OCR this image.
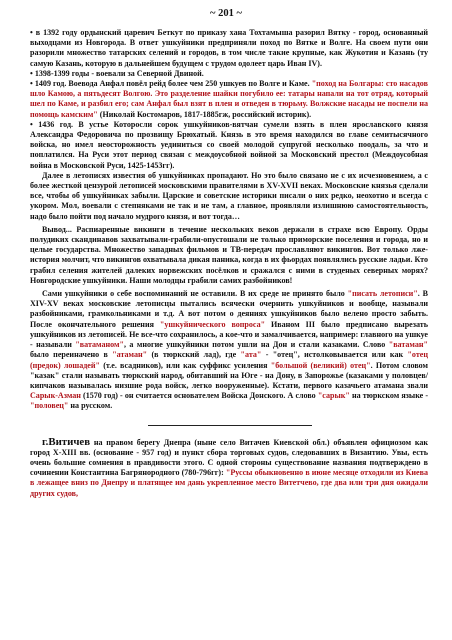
~ 201 ~

• в 1392 году ордынский царевич Беткут по приказу хана Тохтамыша разорил Вятку - город, основанный выходцами из Новгорода. В ответ ушкуйники предприняли поход по Вятке и Волге. На своем пути они разорили множество татарских селений и городов, в том числе такие крупные, как Жукотин и Казань (ту самую Казань, которую в дальнейшем будущем с трудом одолеет царь Иван IV).

• 1398-1399 годы - воевали за Северной Двиной.

• 1409 год. Воевода Анфал повёл рейд более чем 250 ушкуев по Волге и Каме. "поход на Болгары: сто насадов шло Камою, а пятьдесят Волгою. Это разделение шайки погубило ее: татары напали на тот отряд, который шел по Каме, и разбил его; сам Анфал был взят в плен и отведен в тюрьму. Волжские насады не поспели на помощь камским" (Николай Костомаров, 1817-1885гж, российский историк).

• 1436 год. В устье Которосли сорок ушкуйников-вятчан сумели взять в плен ярославского князя Александра Федоровича по прозвищу Брюхатый. Князь в это время находился во главе семитысячного войска, но имел неосторожность уединиться со своей молодой супругой несколько поодаль, за что и поплатился. На Руси этот период связан с междоусобной войной за Московский престол (Междоусобная война в Московской Руси, 1425-1453гг).

Далее в летописях известия об ушкуйниках пропадают. Но это было связано не с их исчезновением, а с более жесткой цензурой летописей московскими правителями в XV-XVII веках. Московские князья сделали все, чтобы об ушкуйниках забыли. Царские и советские историки писали о них редко, неохотно и всегда с укором. Мол, воевали с степняками не так и не там, а главное, проявляли излишнюю самостоятельность, надо было пойти под начало мудрого князя, и вот тогда…

Вывод... Распиаренные викинги в течение нескольких веков держали в страхе всю Европу. Орды полудиких скандинавов захватывали-грабили-опустошали не только приморские поселения и города, но и целые государства. Множество западных фильмов и ТВ-передач прославляют викингов. Вот только лже-история молчит, что викингов охватывала дикая паника, когда в их фьордах появлялись русские ладьи. Кто грабил селения жителей далеких норвежских посёлков и сражался с ними в студеных северных морях? Новгородские ушкуйники. Наши молодцы грабили самих разбойников!

Сами ушкуйники о себе воспоминаний не оставили. В их среде не принято было "писать летописи". В XIV-XV веках московские летописцы пытались всячески очернить ушкуйников и вообще, называли разбойниками, грамкольниками и т.д. А вот потом о деяниях ушкуйников было велено просто забыть. После окончательного решения "ушкуйнического вопроса" Иваном III было предписано вырезать ушкуйников из летописей. Не все-что сохранилось, а кое-что и замалчивается, например: главного на ушкуе - называли "ватаманом", а многие ушкуйники потом ушли на Дон и стали казаками. Слово "ватаман" было переиначено в "атаман" (в тюркский лад), где "ата" - "отец", истолковывается или как "отец (предок) лошадей" (т.е. всадников), или как суффикс усиления "большой (великий) отец". Потом словом "казак" стали называть тюркский народ, обитавший на Юге - на Дону, в Запорожье (казаками у половцев/кипчаков называлась низшие рода войск, легко вооруженные). Кстати, первого казачьего атамана звали Сарык-Азман (1570 год) - он считается основателем Войска Донского. А слово "сарык" на тюркском языке - "половец" на русском.

г.Витичев на правом берегу Днепра (ныне село Витачев Киевской обл.) объявлен официозом как город Х-XIII вв. (основание - 957 год) и пункт сбора торговых судов, следовавших в Византию. Увы, есть очень большие сомнения в правдивости этого. С одной стороны существование названия подтверждено в сочинении Константина Багрянородного (780-796гг): "Руссы обыкновенно в июне месяце отходили из Киева в лежащее вниз по Днепру и платящее им дань укрепленное место Витетчево, где два или три дня ожидали других судов,
